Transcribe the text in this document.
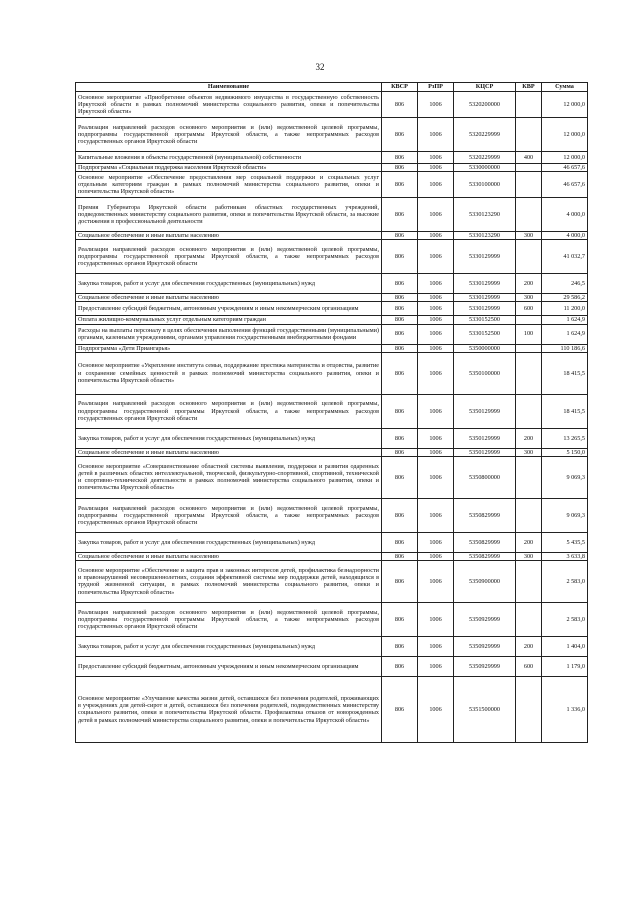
32
Наименование	КВСР	РзПР	КЦСР	КВР	Сумма
Основное мероприятие «Приобретение объектов недвижимого имущества в государственную собственность Иркутской области в рамках полномочий министерства социального развития, опеки и попечительства Иркутской области»	806	1006	5320200000		12 000,0
Реализация направлений расходов основного мероприятия и (или) ведомственной целевой программы, подпрограммы государственной программы Иркутской области, а также непрограммных расходов государственных органов Иркутской области	806	1006	5320229999		12 000,0
Капитальные вложения в объекты государственной (муниципальной) собственности	806	1006	5320229999	400	12 000,0
Подпрограмма «Социальная поддержка населения Иркутской области»	806	1006	5330000000		46 657,6
Основное мероприятие «Обеспечение предоставления мер социальной поддержки и социальных услуг отдельным категориям граждан в рамках полномочий министерства социального развития, опеки и попечительства Иркутской области»	806	1006	5330100000		46 657,6
Премия Губернатора Иркутской области работникам областных государственных учреждений, подведомственных министерству социального развития, опеки и попечительства Иркутской области, за высокие достижения в профессиональной деятельности	806	1006	5330123290		4 000,0
Социальное обеспечение и иные выплаты населению	806	1006	5330123290	300	4 000,0
Реализация направлений расходов основного мероприятия и (или) ведомственной целевой программы, подпрограммы государственной программы Иркутской области, а также непрограммных расходов государственных органов Иркутской области	806	1006	5330129999		41 032,7
Закупка товаров, работ и услуг для обеспечения государственных (муниципальных) нужд	806	1006	5330129999	200	246,5
Социальное обеспечение и иные выплаты населению	806	1006	5330129999	300	29 586,2
Предоставление субсидий бюджетным, автономным учреждениям и иным некоммерческим организациям	806	1006	5330129999	600	11 200,0
Оплата жилищно-коммунальных услуг отдельным категориям граждан	806	1006	5330152500		1 624,9
Расходы на выплаты персоналу в целях обеспечения выполнения функций государственными (муниципальными) органами, казенными учреждениями, органами управления государственными внебюджетными фондами	806	1006	5330152500	100	1 624,9
Подпрограмма «Дети Приангарья»	806	1006	5350000000		110 186,6
Основное мероприятие «Укрепление института семьи, поддержание престижа материнства и отцовства, развитие и сохранение семейных ценностей в рамках полномочий министерства социального развития, опеки и попечительства Иркутской области»	806	1006	5350100000		18 415,5
Реализация направлений расходов основного мероприятия и (или) ведомственной целевой программы, подпрограммы государственной программы Иркутской области, а также непрограммных расходов государственных органов Иркутской области	806	1006	5350129999		18 415,5
Закупка товаров, работ и услуг для обеспечения государственных (муниципальных) нужд	806	1006	5350129999	200	13 265,5
Социальное обеспечение и иные выплаты населению	806	1006	5350129999	300	5 150,0
Основное мероприятие «Совершенствование областной системы выявления, поддержки и развития одаренных детей в различных областях интеллектуальной, творческой, физкультурно-спортивной, спортивной, технической и спортивно-технической деятельности в рамках полномочий министерства социального развития, опеки и попечительства Иркутской области»	806	1006	5350800000		9 069,3
Реализация направлений расходов основного мероприятия и (или) ведомственной целевой программы, подпрограммы государственной программы Иркутской области, а также непрограммных расходов государственных органов Иркутской области	806	1006	5350829999		9 069,3
Закупка товаров, работ и услуг для обеспечения государственных (муниципальных) нужд	806	1006	5350829999	200	5 435,5
Социальное обеспечение и иные выплаты населению	806	1006	5350829999	300	3 633,8
Основное мероприятие «Обеспечение и защита прав и законных интересов детей, профилактика безнадзорности и правонарушений несовершеннолетних, создания эффективной системы мер поддержки детей, находящихся в трудной жизненной ситуации, в рамках полномочий министерства социального развития, опеки и попечительства Иркутской области»	806	1006	5350900000		2 583,0
Реализация направлений расходов основного мероприятия и (или) ведомственной целевой программы, подпрограммы государственной программы Иркутской области, а также непрограммных расходов государственных органов Иркутской области	806	1006	5350929999		2 583,0
Закупка товаров, работ и услуг для обеспечения государственных (муниципальных) нужд	806	1006	5350929999	200	1 404,0
Предоставление субсидий бюджетным, автономным учреждениям и иным некоммерческим организациям	806	1006	5350929999	600	1 179,0
Основное мероприятие «Улучшение качества жизни детей, оставшихся без попечения родителей, проживающих в учреждениях для детей-сирот и детей, оставшихся без попечения родителей, подведомственных министерству социального развития, опеки и попечительства Иркутской области. Профилактика отказов от новорожденных детей в рамках полномочий министерства социального развития, опеки и попечительства Иркутской области»	806	1006	5351500000		1 336,0
